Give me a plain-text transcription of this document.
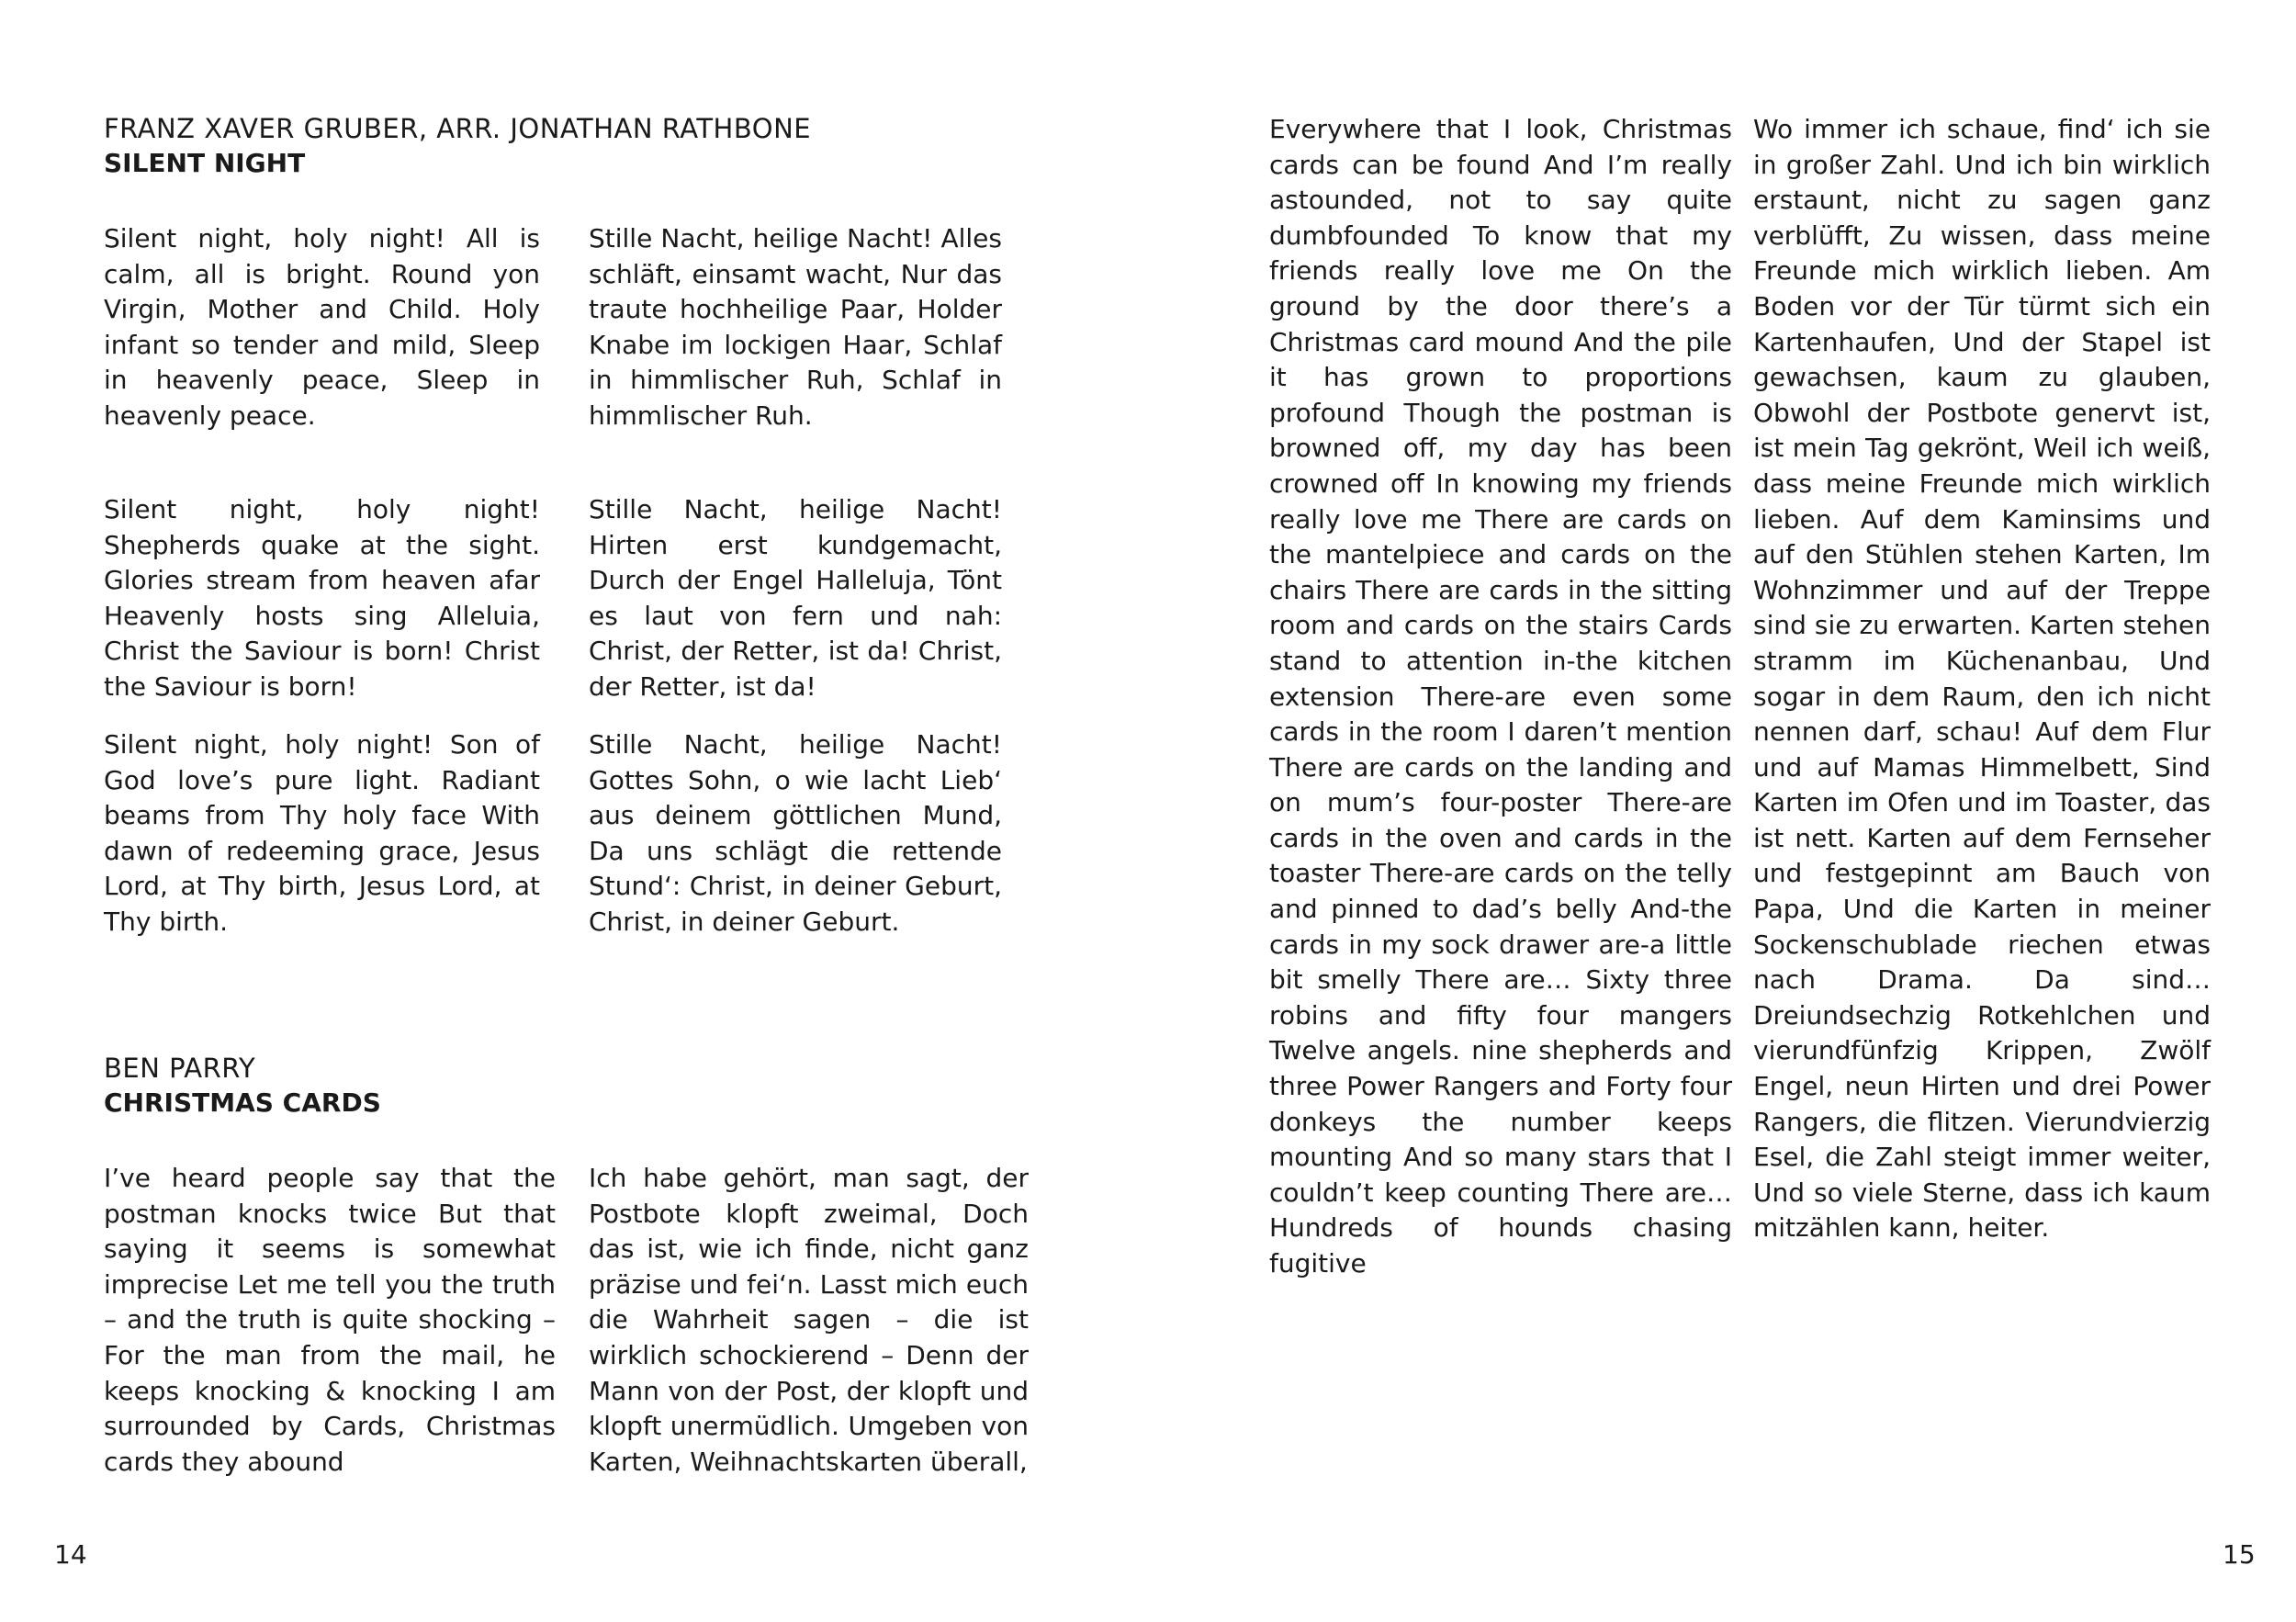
FRANZ XAVER GRUBER, ARR. JONATHAN RATHBONE
SILENT NIGHT

Silent night, holy night! All is calm, all is bright. Round yon Virgin, Mother and Child. Holy infant so tender and mild, Sleep in heavenly peace, Sleep in heavenly peace.

Stille Nacht, heilige Nacht! Alles schläft, einsamt wacht, Nur das traute hochheilige Paar, Holder Knabe im lockigen Haar, Schlaf in himmlischer Ruh, Schlaf in himmlischer Ruh.

Silent night, holy night! Shepherds quake at the sight. Glories stream from heaven afar Heavenly hosts sing Alleluia, Christ the Saviour is born! Christ the Saviour is born!

Stille Nacht, heilige Nacht! Hirten erst kundgemacht, Durch der Engel Halleluja, Tönt es laut von fern und nah: Christ, der Retter, ist da! Christ, der Retter, ist da!

Silent night, holy night! Son of God love’s pure light. Radiant beams from Thy holy face With dawn of redeeming grace, Jesus Lord, at Thy birth, Jesus Lord, at Thy birth.

Stille Nacht, heilige Nacht! Gottes Sohn, o wie lacht Lieb‘ aus deinem göttlichen Mund, Da uns schlägt die rettende Stund‘: Christ, in deiner Geburt, Christ, in deiner Geburt.

BEN PARRY
CHRISTMAS CARDS

I’ve heard people say that the postman knocks twice But that saying it seems is somewhat imprecise Let me tell you the truth – and the truth is quite shocking – For the man from the mail, he keeps knocking & knocking I am surrounded by Cards, Christmas cards they abound

Ich habe gehört, man sagt, der Postbote klopft zweimal, Doch das ist, wie ich finde, nicht ganz präzise und fei‘n. Lasst mich euch die Wahrheit sagen – die ist wirklich schockierend – Denn der Mann von der Post, der klopft und klopft unermüdlich. Umgeben von Karten, Weihnachtskarten überall,

14

Everywhere that I look, Christmas cards can be found And I’m really astounded, not to say quite dumbfounded To know that my friends really love me On the ground by the door there’s a Christmas card mound And the pile it has grown to proportions profound Though the postman is browned off, my day has been crowned off In knowing my friends really love me There are cards on the mantelpiece and cards on the chairs There are cards in the sitting room and cards on the stairs Cards stand to attention in-the kitchen extension There-are even some cards in the room I daren’t mention There are cards on the landing and on mum’s four-poster There-are cards in the oven and cards in the toaster There-are cards on the telly and pinned to dad’s belly And-the cards in my sock drawer are-a little bit smelly There are… Sixty three robins and fifty four mangers Twelve angels. nine shepherds and three Power Rangers and Forty four donkeys the number keeps mounting And so many stars that I couldn’t keep counting There are… Hundreds of hounds chasing fugitive

Wo immer ich schaue, find‘ ich sie in großer Zahl. Und ich bin wirklich erstaunt, nicht zu sagen ganz verblüfft, Zu wissen, dass meine Freunde mich wirklich lieben. Am Boden vor der Tür türmt sich ein Kartenhaufen, Und der Stapel ist gewachsen, kaum zu glauben, Obwohl der Postbote genervt ist, ist mein Tag gekrönt, Weil ich weiß, dass meine Freunde mich wirklich lieben. Auf dem Kaminsims und auf den Stühlen stehen Karten, Im Wohnzimmer und auf der Treppe sind sie zu erwarten. Karten stehen stramm im Küchenanbau, Und sogar in dem Raum, den ich nicht nennen darf, schau! Auf dem Flur und auf Mamas Himmelbett, Sind Karten im Ofen und im Toaster, das ist nett. Karten auf dem Fernseher und festgepinnt am Bauch von Papa, Und die Karten in meiner Sockenschublade riechen etwas nach Drama. Da sind… Dreiundsechzig Rotkehlchen und vierundfünfzig Krippen, Zwölf Engel, neun Hirten und drei Power Rangers, die flitzen. Vierundvierzig Esel, die Zahl steigt immer weiter, Und so viele Sterne, dass ich kaum mitzählen kann, heiter.

15
